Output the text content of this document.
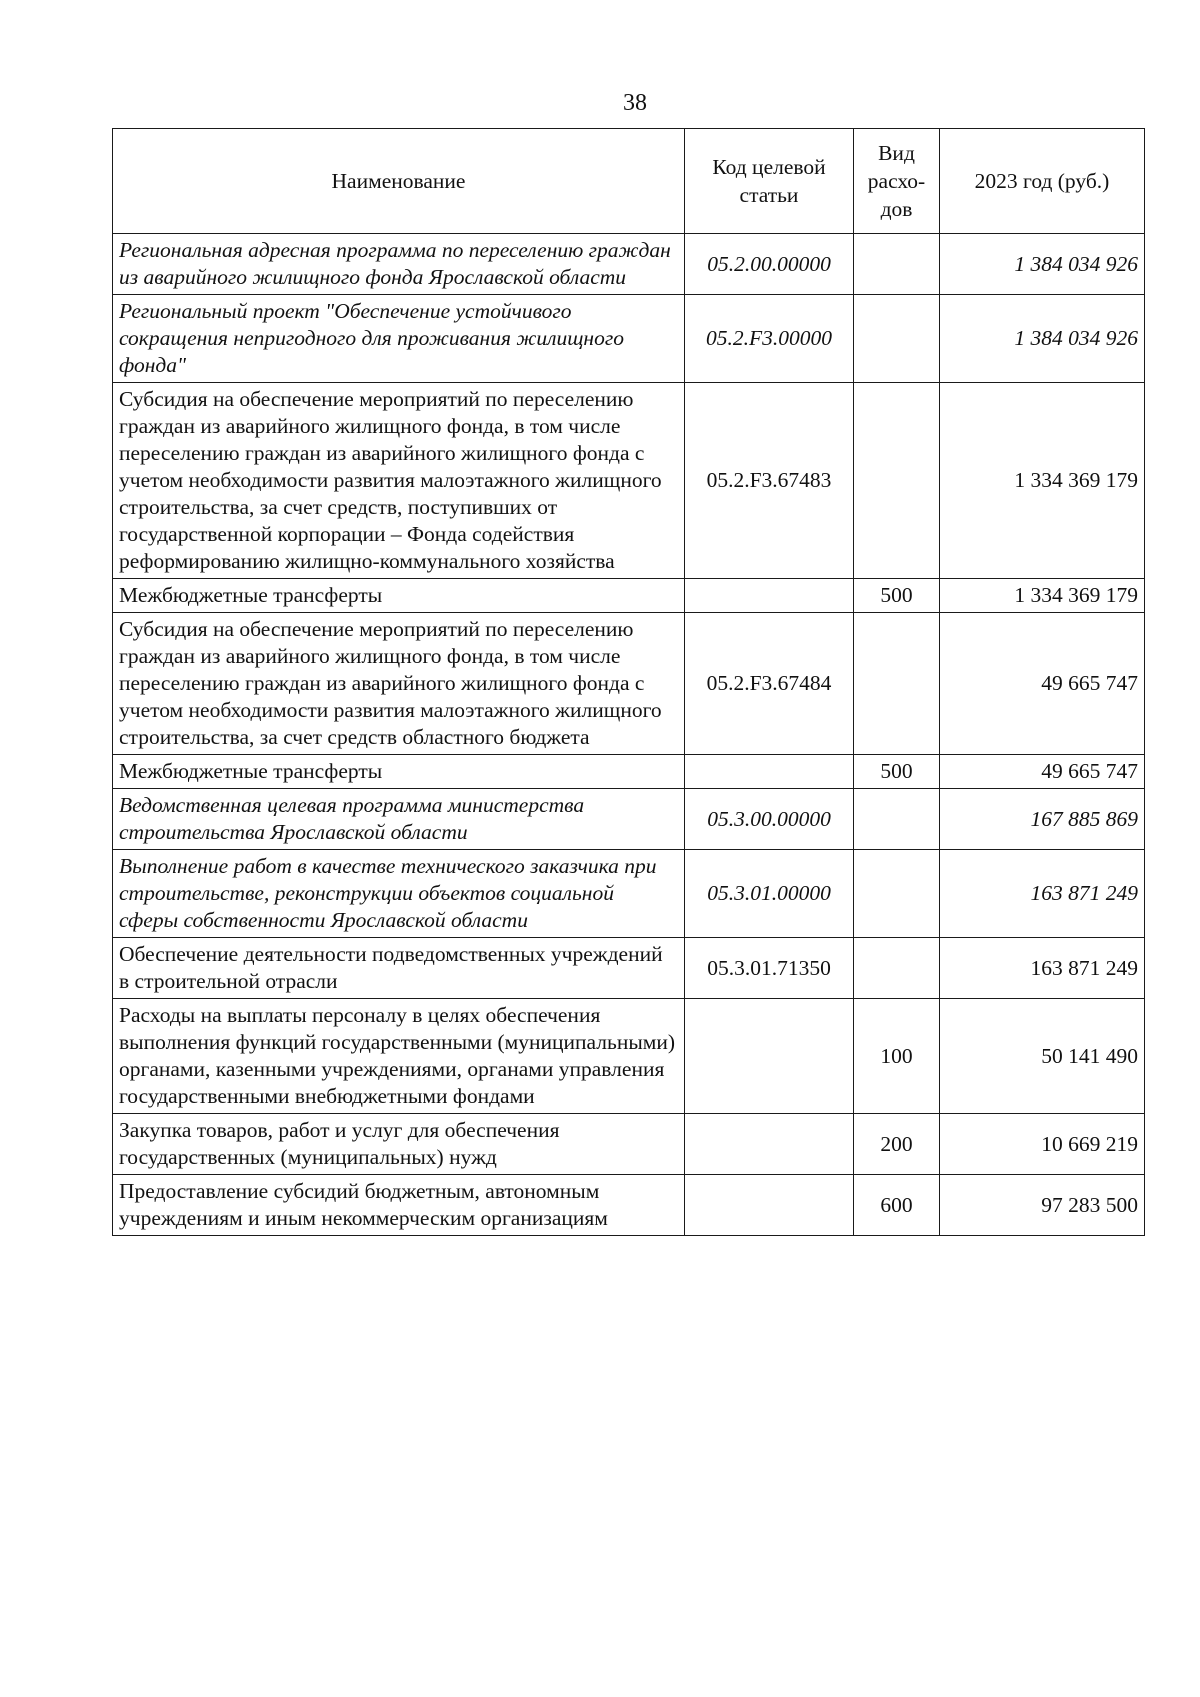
38
Наименование	Код целевой статьи	Вид расхо-дов	2023 год (руб.)
Региональная адресная программа по переселению граждан из аварийного жилищного фонда Ярославской области	05.2.00.00000		1 384 034 926
Региональный проект "Обеспечение устойчивого сокращения непригодного для проживания жилищного фонда"	05.2.F3.00000		1 384 034 926
Субсидия на обеспечение мероприятий по переселению граждан из аварийного жилищного фонда, в том числе переселению граждан из аварийного жилищного фонда с учетом необходимости развития малоэтажного жилищного строительства, за счет средств, поступивших от государственной корпорации – Фонда содействия реформированию жилищно-коммунального хозяйства	05.2.F3.67483		1 334 369 179
Межбюджетные трансферты		500	1 334 369 179
Субсидия на обеспечение мероприятий по переселению граждан из аварийного жилищного фонда, в том числе переселению граждан из аварийного жилищного фонда с учетом необходимости развития малоэтажного жилищного строительства, за счет средств областного бюджета	05.2.F3.67484		49 665 747
Межбюджетные трансферты		500	49 665 747
Ведомственная целевая программа министерства строительства Ярославской области	05.3.00.00000		167 885 869
Выполнение работ в качестве технического заказчика при строительстве, реконструкции объектов социальной сферы собственности Ярославской области	05.3.01.00000		163 871 249
Обеспечение деятельности подведомственных учреждений в строительной отрасли	05.3.01.71350		163 871 249
Расходы на выплаты персоналу в целях обеспечения выполнения функций государственными (муниципальными) органами, казенными учреждениями, органами управления государственными внебюджетными фондами		100	50 141 490
Закупка товаров, работ и услуг для обеспечения государственных (муниципальных) нужд		200	10 669 219
Предоставление субсидий бюджетным, автономным учреждениям и иным некоммерческим организациям		600	97 283 500
